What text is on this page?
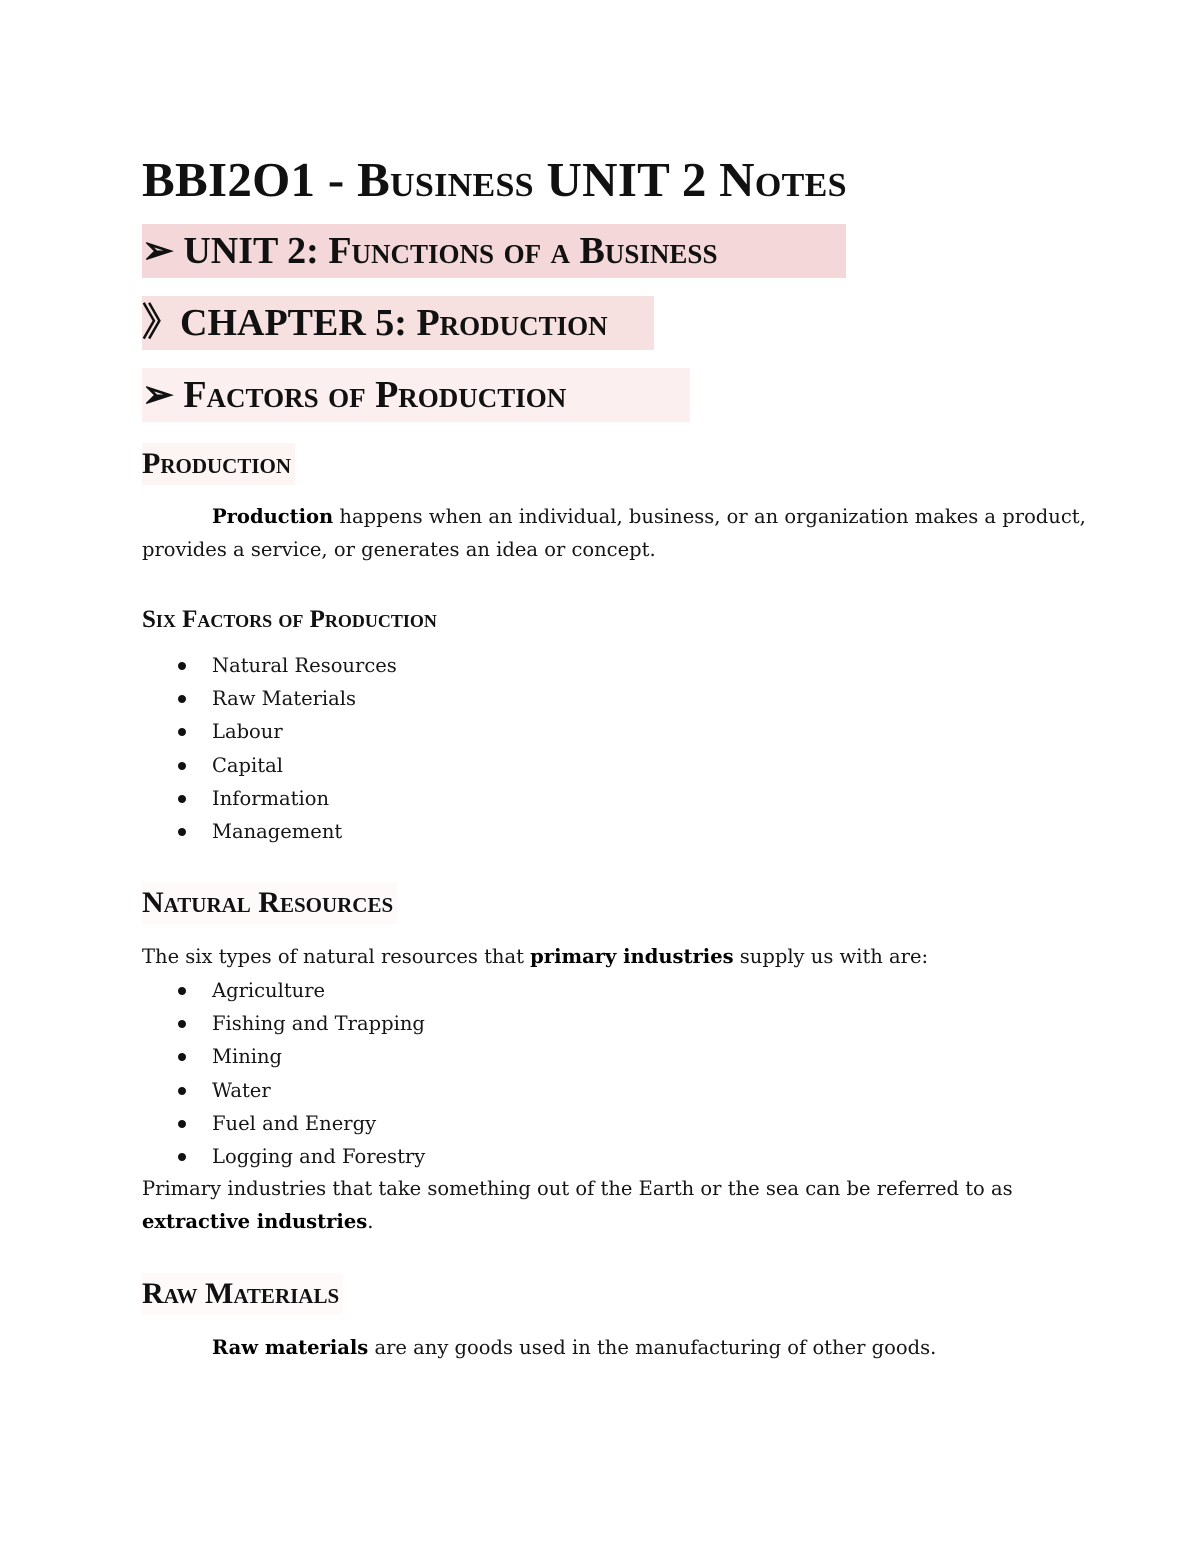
BBI2O1 - Business UNIT 2 Notes
➢ UNIT 2: Functions of a Business
》CHAPTER 5: Production
➢ Factors of Production
Production
Production happens when an individual, business, or an organization makes a product,
provides a service, or generates an idea or concept.
Six Factors of Production
Natural Resources
Raw Materials
Labour
Capital
Information
Management
Natural Resources
The six types of natural resources that primary industries supply us with are:
Agriculture
Fishing and Trapping
Mining
Water
Fuel and Energy
Logging and Forestry
Primary industries that take something out of the Earth or the sea can be referred to as
extractive industries.
Raw Materials
Raw materials are any goods used in the manufacturing of other goods.
